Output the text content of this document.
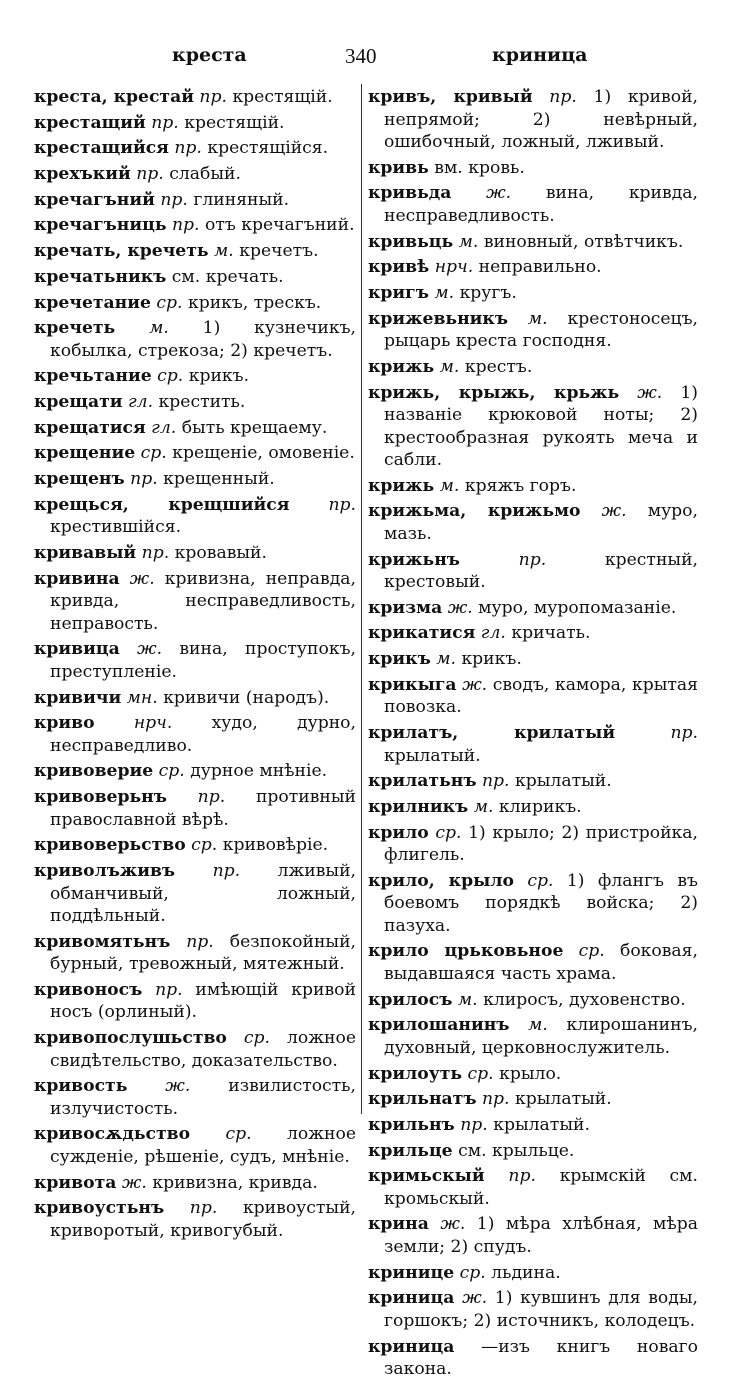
креста	340	криница
креста, крестай пр. крестящій.
крестащий пр. крестящій.
крестащийся пр. крестящійся.
крехъкий пр. слабый.
кречагъний пр. глиняный.
кречагъниць пр. отъ кречагъний.
кречать, кречеть м. кречетъ.
кречатьникъ см. кречать.
кречетание ср. крикъ, трескъ.
кречеть м. 1) кузнечикъ, кобылка, стрекоза; 2) кречетъ.
кречьтание ср. крикъ.
крещати гл. крестить.
крещатися гл. быть крещаему.
крещение ср. крещеніе, омовеніе.
крещенъ пр. крещенный.
крещься, крещшийся пр. крестившійся.
кривавый пр. кровавый.
кривина ж. кривизна, неправда, кривда, несправедливость, неправость.
кривица ж. вина, проступокъ, преступленіе.
кривичи мн. кривичи (народъ).
криво нрч. худо, дурно, несправедливо.
кривоверие ср. дурное мнѣніе.
кривоверьнъ пр. противный православной вѣрѣ.
кривоверьство ср. кривовѣріе.
криволъживъ пр. лживый, обманчивый, ложный, поддѣльный.
кривомятьнъ пр. безпокойный, бурный, тревожный, мятежный.
кривоносъ пр. имѣющій кривой носъ (орлиный).
кривопослушьство ср. ложное свидѣтельство, доказательство.
кривость ж. извилистость, излучистость.
кривосѫдьство ср. ложное сужденіе, рѣшеніе, судъ, мнѣніе.
кривота ж. кривизна, кривда.
кривоустьнъ пр. кривоустый, криворотый, кривогубый.
кривъ, кривый пр. 1) кривой, непрямой; 2) невѣрный, ошибочный, ложный, лживый.
кривь вм. кровь.
кривьда ж. вина, кривда, несправедливость.
кривьць м. виновный, отвѣтчикъ.
кривѣ нрч. неправильно.
кригъ м. кругъ.
крижевьникъ м. крестоносецъ, рыцарь креста господня.
крижь м. крестъ.
крижь, крыжь, крьжь ж. 1) названіе крюковой ноты; 2) крестообразная рукоять меча и сабли.
крижь м. кряжъ горъ.
крижьма, крижьмо ж. муро, мазь.
крижьнъ	пр.	крестный, крестовый.
кризма ж. муро, муропомазаніе.
крикатися гл. кричать.
крикъ м. крикъ.
крикыга ж. сводъ, камора, крытая повозка.
крилатъ, крилатый	пр. крылатый.
крилатьнъ пр. крылатый.
крилникъ м. клирикъ.
крило ср. 1) крыло; 2) пристройка, флигель.
крило, крыло ср. 1) флангъ въ боевомъ порядкѣ войска; 2) пазуха.
крило црьковьное ср. боковая, выдавшаяся часть храма.
крилосъ м. клиросъ, духовенство.
крилошанинъ м. клирошанинъ, духовный, церковнослужитель.
крилоуть ср. крыло.
крильнатъ пр. крылатый.
крильнъ пр. крылатый.
крильце см. крыльце.
кримьскый пр. крымскій см. кромьскый.
крина ж. 1) мѣра хлѣбная, мѣра земли; 2) спудъ.
кринице ср. льдина.
криница ж. 1) кувшинъ для воды, горшокъ; 2) источникъ, колодецъ.
криница —изъ книгъ новаго закона.
